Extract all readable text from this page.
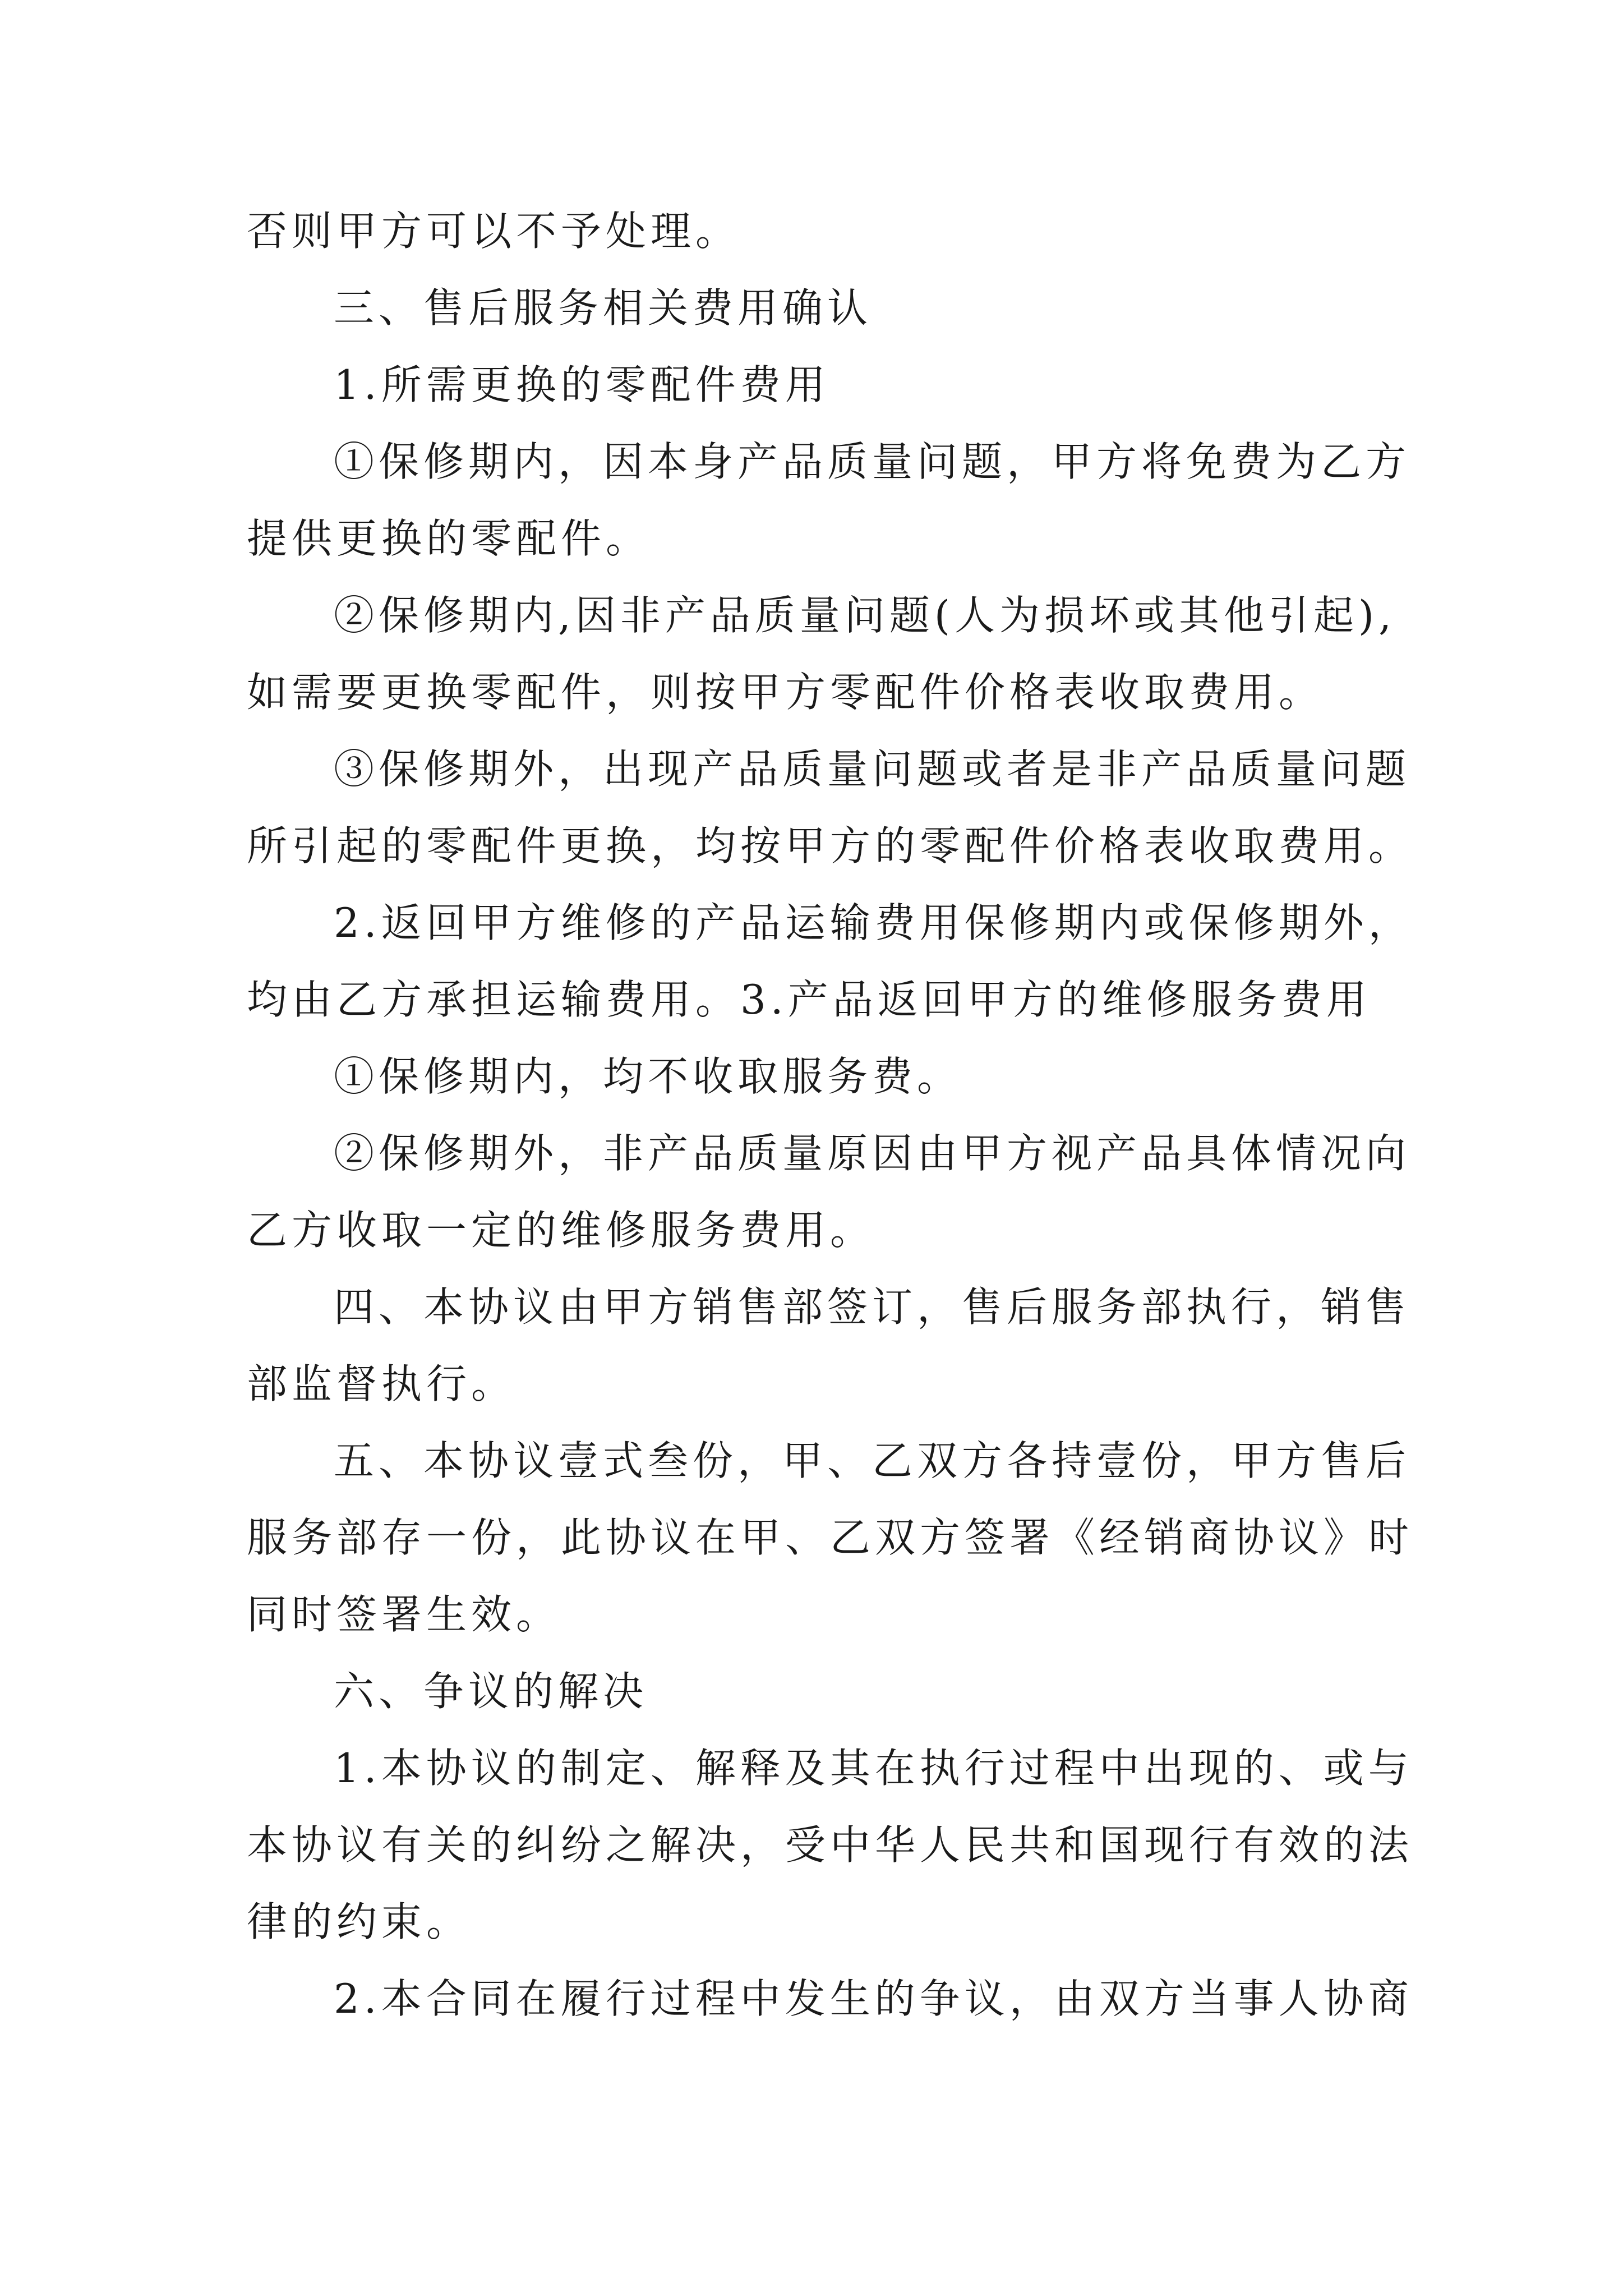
否则甲方可以不予处理。
三、售后服务相关费用确认
1.所需更换的零配件费用
①保修期内，因本身产品质量问题，甲方将免费为乙方
提供更换的零配件。
②保修期内,因非产品质量问题(人为损坏或其他引起),
如需要更换零配件，则按甲方零配件价格表收取费用。
③保修期外，出现产品质量问题或者是非产品质量问题
所引起的零配件更换，均按甲方的零配件价格表收取费用。
2.返回甲方维修的产品运输费用保修期内或保修期外，
均由乙方承担运输费用。3.产品返回甲方的维修服务费用
①保修期内，均不收取服务费。
②保修期外，非产品质量原因由甲方视产品具体情况向
乙方收取一定的维修服务费用。
四、本协议由甲方销售部签订，售后服务部执行，销售
部监督执行。
五、本协议壹式叁份，甲、乙双方各持壹份，甲方售后
服务部存一份，此协议在甲、乙双方签署《经销商协议》时
同时签署生效。
六、争议的解决
1.本协议的制定、解释及其在执行过程中出现的、或与
本协议有关的纠纷之解决，受中华人民共和国现行有效的法
律的约束。
2.本合同在履行过程中发生的争议，由双方当事人协商
